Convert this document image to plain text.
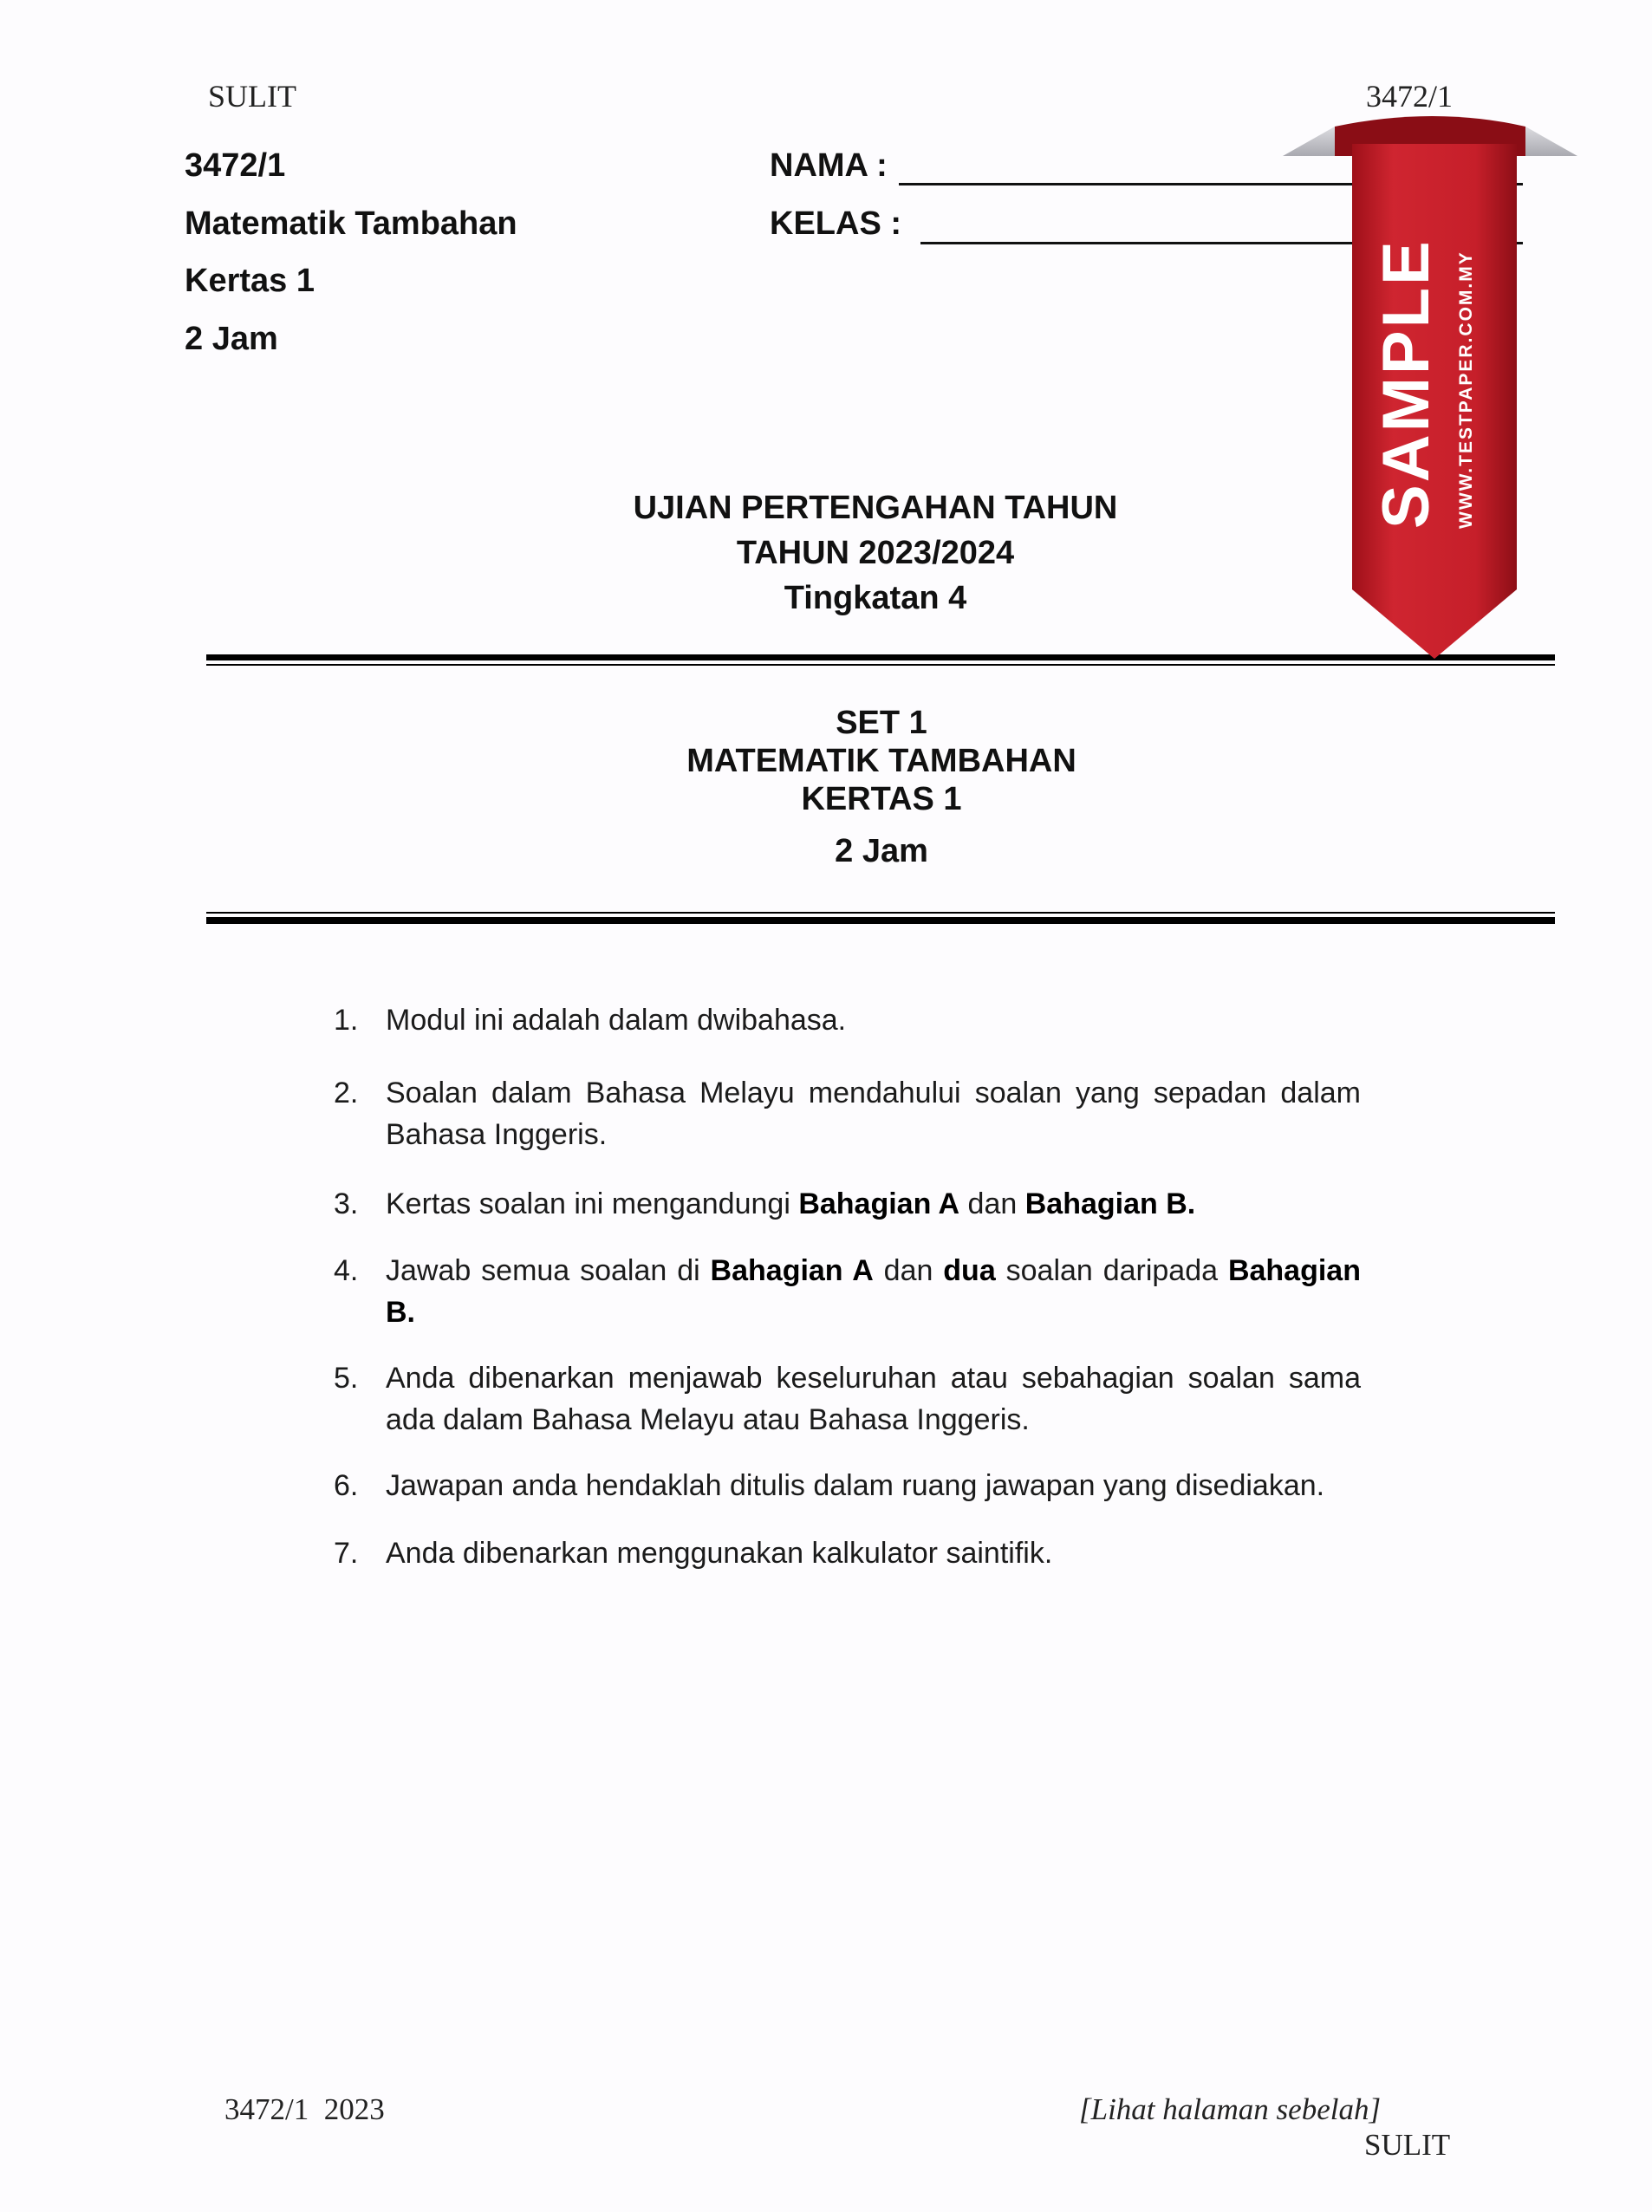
SULIT	3472/1
3472/1
Matematik Tambahan
Kertas 1
2 Jam
NAMA :
KELAS :
UJIAN PERTENGAHAN TAHUN
TAHUN 2023/2024
Tingkatan 4
SET 1
MATEMATIK TAMBAHAN
KERTAS 1
2 Jam
1. Modul ini adalah dalam dwibahasa.
2. Soalan dalam Bahasa Melayu mendahului soalan yang sepadan dalam Bahasa Inggeris.
3. Kertas soalan ini mengandungi Bahagian A dan Bahagian B.
4. Jawab semua soalan di Bahagian A dan dua soalan daripada Bahagian B.
5. Anda dibenarkan menjawab keseluruhan atau sebahagian soalan sama ada dalam Bahasa Melayu atau Bahasa Inggeris.
6. Jawapan anda hendaklah ditulis dalam ruang jawapan yang disediakan.
7. Anda dibenarkan menggunakan kalkulator saintifik.
3472/1  2023	[Lihat halaman sebelah]
SULIT
SAMPLE WWW.TESTPAPER.COM.MY
